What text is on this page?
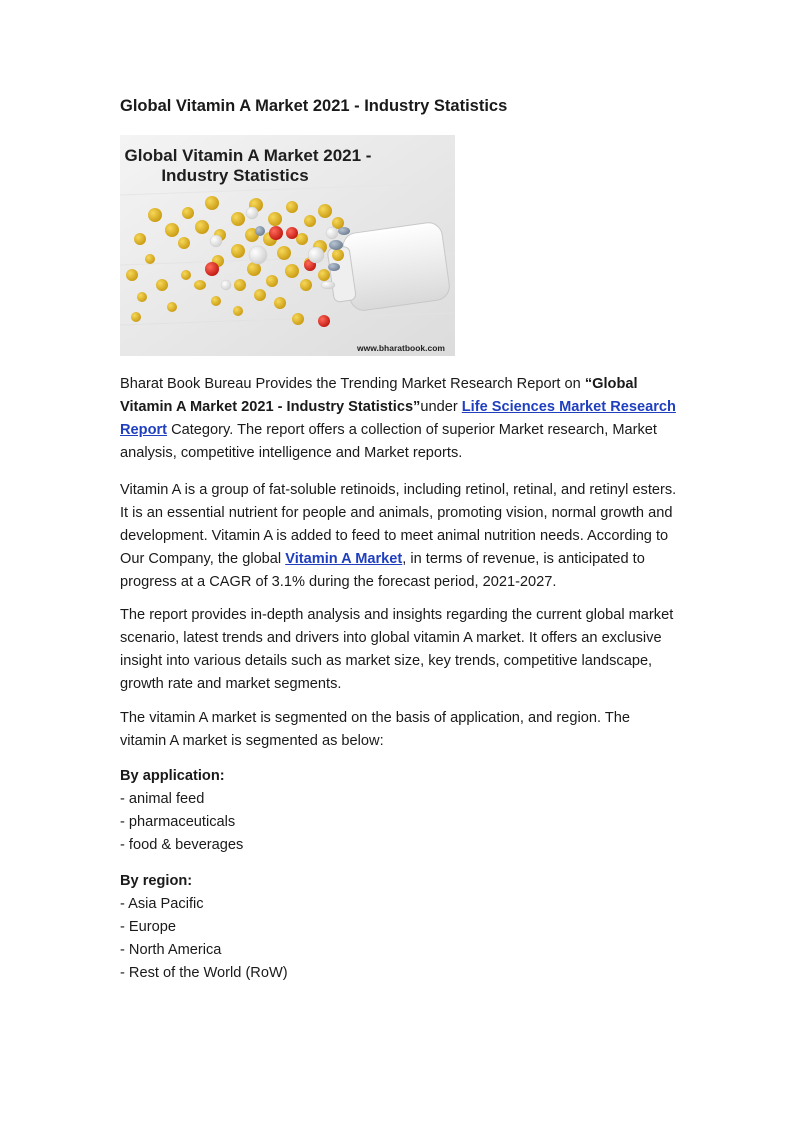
Global Vitamin A Market 2021 - Industry Statistics
Global Vitamin A Market 2021 -
Industry Statistics
www.bharatbook.com

Bharat Book Bureau Provides the Trending Market Research Report on “Global Vitamin A Market 2021 - Industry Statistics”under Life Sciences Market Research Report Category. The report offers a collection of superior Market research, Market analysis, competitive intelligence and Market reports.

Vitamin A is a group of fat-soluble retinoids, including retinol, retinal, and retinyl esters. It is an essential nutrient for people and animals, promoting vision, normal growth and development. Vitamin A is added to feed to meet animal nutrition needs. According to Our Company, the global Vitamin A Market, in terms of revenue, is anticipated to progress at a CAGR of 3.1% during the forecast period, 2021-2027.

The report provides in-depth analysis and insights regarding the current global market scenario, latest trends and drivers into global vitamin A market. It offers an exclusive insight into various details such as market size, key trends, competitive landscape, growth rate and market segments.

The vitamin A market is segmented on the basis of application, and region. The vitamin A market is segmented as below:

By application:
- animal feed
- pharmaceuticals
- food & beverages
By region:
- Asia Pacific
- Europe
- North America
- Rest of the World (RoW)
